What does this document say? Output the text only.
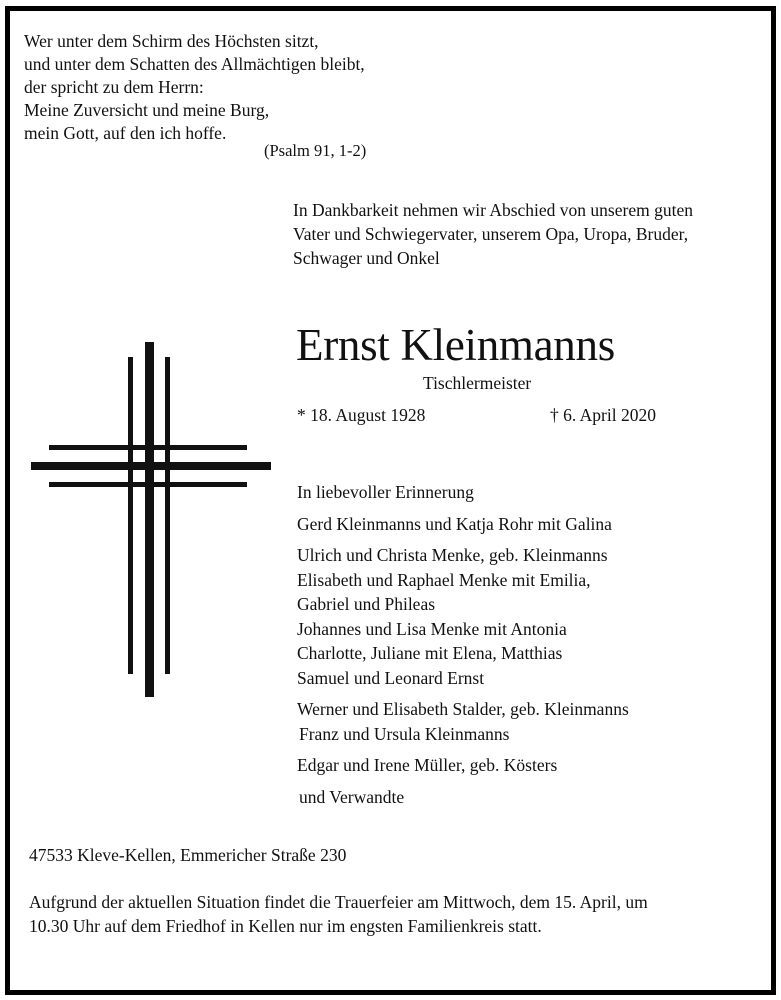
Wer unter dem Schirm des Höchsten sitzt,
und unter dem Schatten des Allmächtigen bleibt,
der spricht zu dem Herrn:
Meine Zuversicht und meine Burg,
mein Gott, auf den ich hoffe.
(Psalm 91, 1-2)
In Dankbarkeit nehmen wir Abschied von unserem guten
Vater und Schwiegervater, unserem Opa, Uropa, Bruder,
Schwager und Onkel
Ernst Kleinmanns
Tischlermeister
* 18. August 1928	† 6. April 2020
In liebevoller Erinnerung
Gerd Kleinmanns und Katja Rohr mit Galina
Ulrich und Christa Menke, geb. Kleinmanns
Elisabeth und Raphael Menke mit Emilia,
Gabriel und Phileas
Johannes und Lisa Menke mit Antonia
Charlotte, Juliane mit Elena, Matthias
Samuel und Leonard Ernst
Werner und Elisabeth Stalder, geb. Kleinmanns
Franz und Ursula Kleinmanns
Edgar und Irene Müller, geb. Kösters
und Verwandte
47533 Kleve-Kellen, Emmericher Straße 230
Aufgrund der aktuellen Situation findet die Trauerfeier am Mittwoch, dem 15. April, um
10.30 Uhr auf dem Friedhof in Kellen nur im engsten Familienkreis statt.
